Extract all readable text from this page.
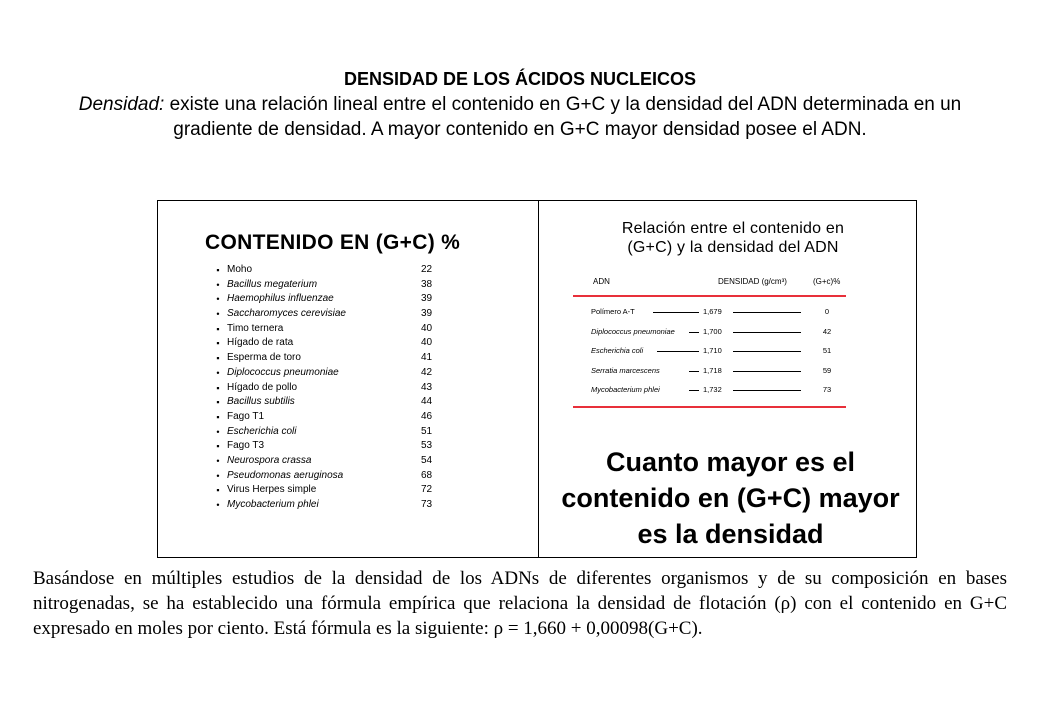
DENSIDAD DE LOS ÁCIDOS NUCLEICOS
Densidad: existe una relación lineal entre el contenido en G+C y la densidad del ADN determinada en un gradiente de densidad. A mayor contenido en G+C mayor densidad posee el ADN.
CONTENIDO EN (G+C) %
▪ Moho	22
• Bacillus megaterium	38
• Haemophilus influenzae	39
• Saccharomyces cerevisiae	39
▪ Timo ternera	40
▪ Hígado de rata	40
▪ Esperma de toro	41
• Diplococcus pneumoniae	42
▪ Hígado de pollo	43
▪ Bacillus subtilis	44
▪ Fago T1	46
• Escherichia coli	51
▪ Fago T3	53
• Neurospora crassa	54
• Pseudomonas aeruginosa	68
▪ Virus Herpes simple	72
• Mycobacterium phlei	73
Relación entre el contenido en
(G+C) y la densidad del ADN
ADN	DENSIDAD (g/cm³)	(G+c)%
Polímero A-T	1,679	0
Diplococcus pneumoniae	1,700	42
Escherichia coli	1,710	51
Serratia marcescens	1,718	59
Mycobacterium phlei	1,732	73
Cuanto mayor es el contenido en (G+C) mayor es la densidad
Basándose en múltiples estudios de la densidad de los ADNs de diferentes organismos y de su composición en bases nitrogenadas, se ha establecido una fórmula empírica que relaciona la densidad de flotación (ρ) con el contenido en G+C expresado en moles por ciento. Está fórmula es la siguiente: ρ = 1,660 + 0,00098(G+C).
